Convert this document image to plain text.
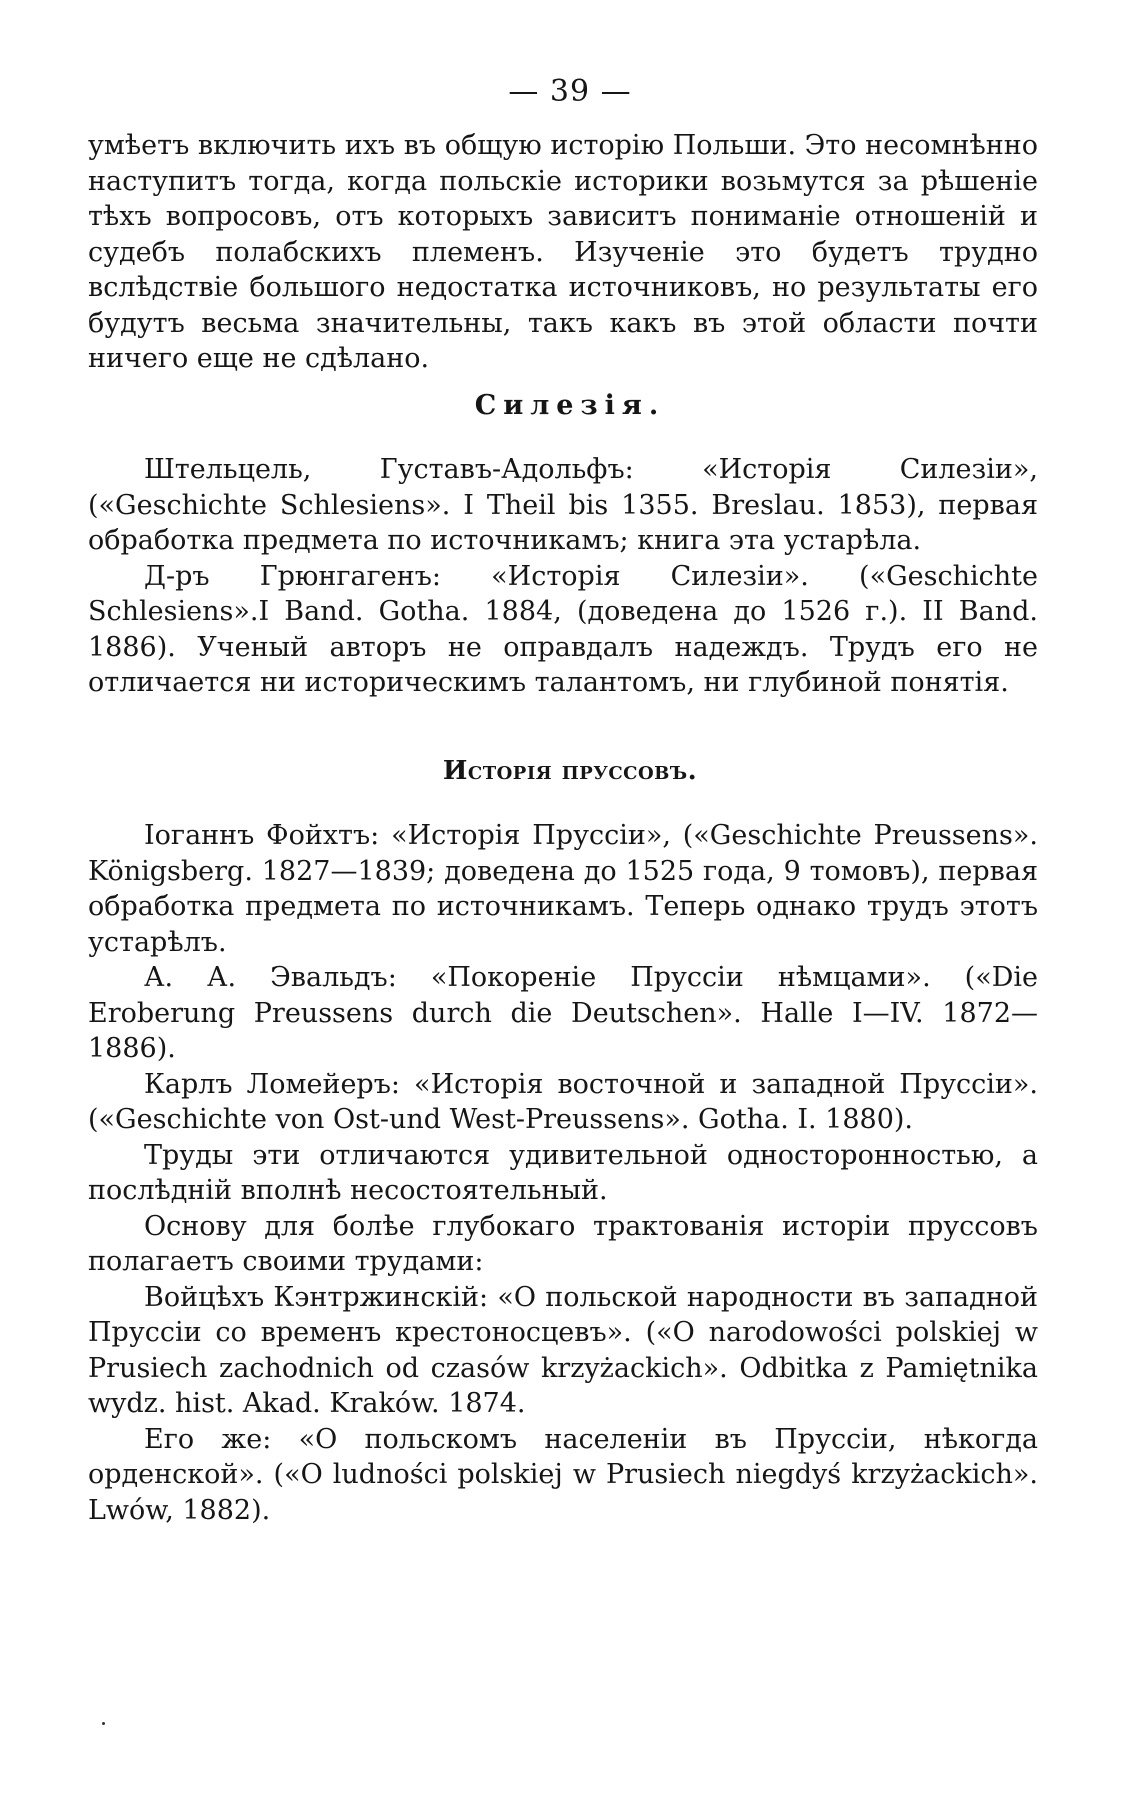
— 39 —

умѣетъ включить ихъ въ общую исторію Польши. Это несомнѣнно наступитъ тогда, когда польскіе историки возьмутся за рѣшеніе тѣхъ вопросовъ, отъ которыхъ зависитъ пониманіе отношеній и судебъ полабскихъ племенъ. Изученіе это будетъ трудно вслѣдствіе большого недостатка источниковъ, но результаты его будутъ весьма значительны, такъ какъ въ этой области почти ничего еще не сдѣлано.

Силезія.

Штельцель, Густавъ-Адольфъ: «Исторія Силезіи», («Geschichte Schlesiens». I Theil bis 1355. Breslau. 1853), первая обработка предмета по источникамъ; книга эта устарѣла.

Д-ръ Грюнгагенъ: «Исторія Силезіи». («Geschichte Schlesiens».I Band. Gotha. 1884, (доведена до 1526 г.). II Band. 1886). Ученый авторъ не оправдалъ надеждъ. Трудъ его не отличается ни историческимъ талантомъ, ни глубиной понятія.

Исторія пруссовъ.

Іоганнъ Фойхтъ: «Исторія Пруссіи», («Geschichte Preussens». Königsberg. 1827—1839; доведена до 1525 года, 9 томовъ), первая обработка предмета по источникамъ. Теперь однако трудъ этотъ устарѣлъ.

А. А. Эвальдъ: «Покореніе Пруссіи нѣмцами». («Die Eroberung Preussens durch die Deutschen». Halle I—IV. 1872—1886).

Карлъ Ломейеръ: «Исторія восточной и западной Пруссіи». («Geschichte von Ost-und West-Preussens». Gotha. I. 1880).

Труды эти отличаются удивительной односторонностью, а послѣдній вполнѣ несостоятельный.

Основу для болѣе глубокаго трактованія исторіи пруссовъ полагаетъ своими трудами:

Войцѣхъ Кэнтржинскій: «О польской народности въ западной Пруссіи со временъ крестоносцевъ». («O narodowości polskiej w Prusiech zachodnich od czasów krzyżackich». Odbitka z Pamiętnika wydz. hist. Akad. Kraków. 1874.

Его же: «О польскомъ населеніи въ Пруссіи, нѣкогда орденской». («O ludności polskiej w Prusiech niegdyś krzyżackich». Lwów, 1882).
